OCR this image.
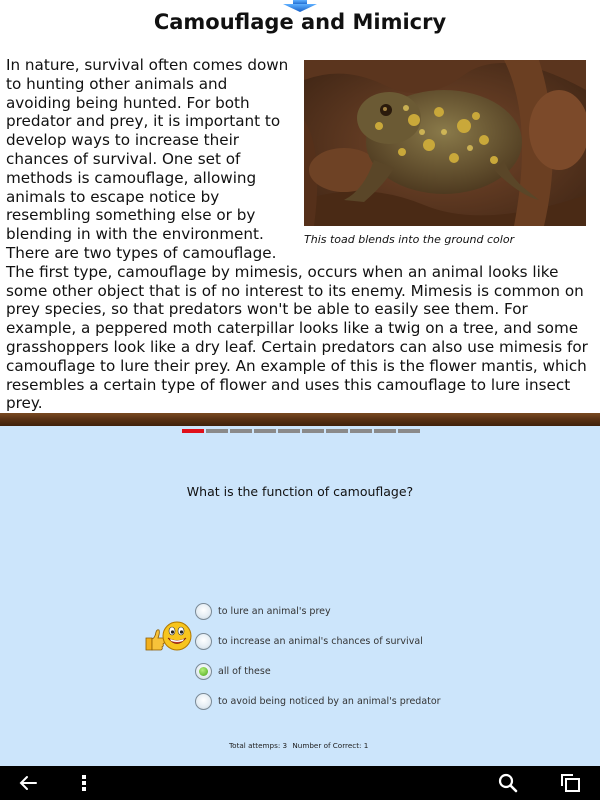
Camouflage and Mimicry
This toad blends into the ground color
In nature, survival often comes down to hunting other animals and avoiding being hunted. For both predator and prey, it is important to develop ways to increase their chances of survival. One set of methods is camouflage, allowing animals to escape notice by resembling something else or by blending in with the environment. There are two types of camouflage. The first type, camouflage by mimesis, occurs when an animal looks like some other object that is of no interest to its enemy. Mimesis is common on prey species, so that predators won't be able to easily see them. For example, a peppered moth caterpillar looks like a twig on a tree, and some grasshoppers look like a dry leaf. Certain predators can also use mimesis for camouflage to lure their prey. An example of this is the flower mantis, which resembles a certain type of flower and uses this camouflage to lure insect prey.

What is the function of camouflage?

to lure an animal's prey
to increase an animal's chances of survival
all of these
to avoid being noticed by an animal's predator
Total attemps: 3 Number of Correct: 1
